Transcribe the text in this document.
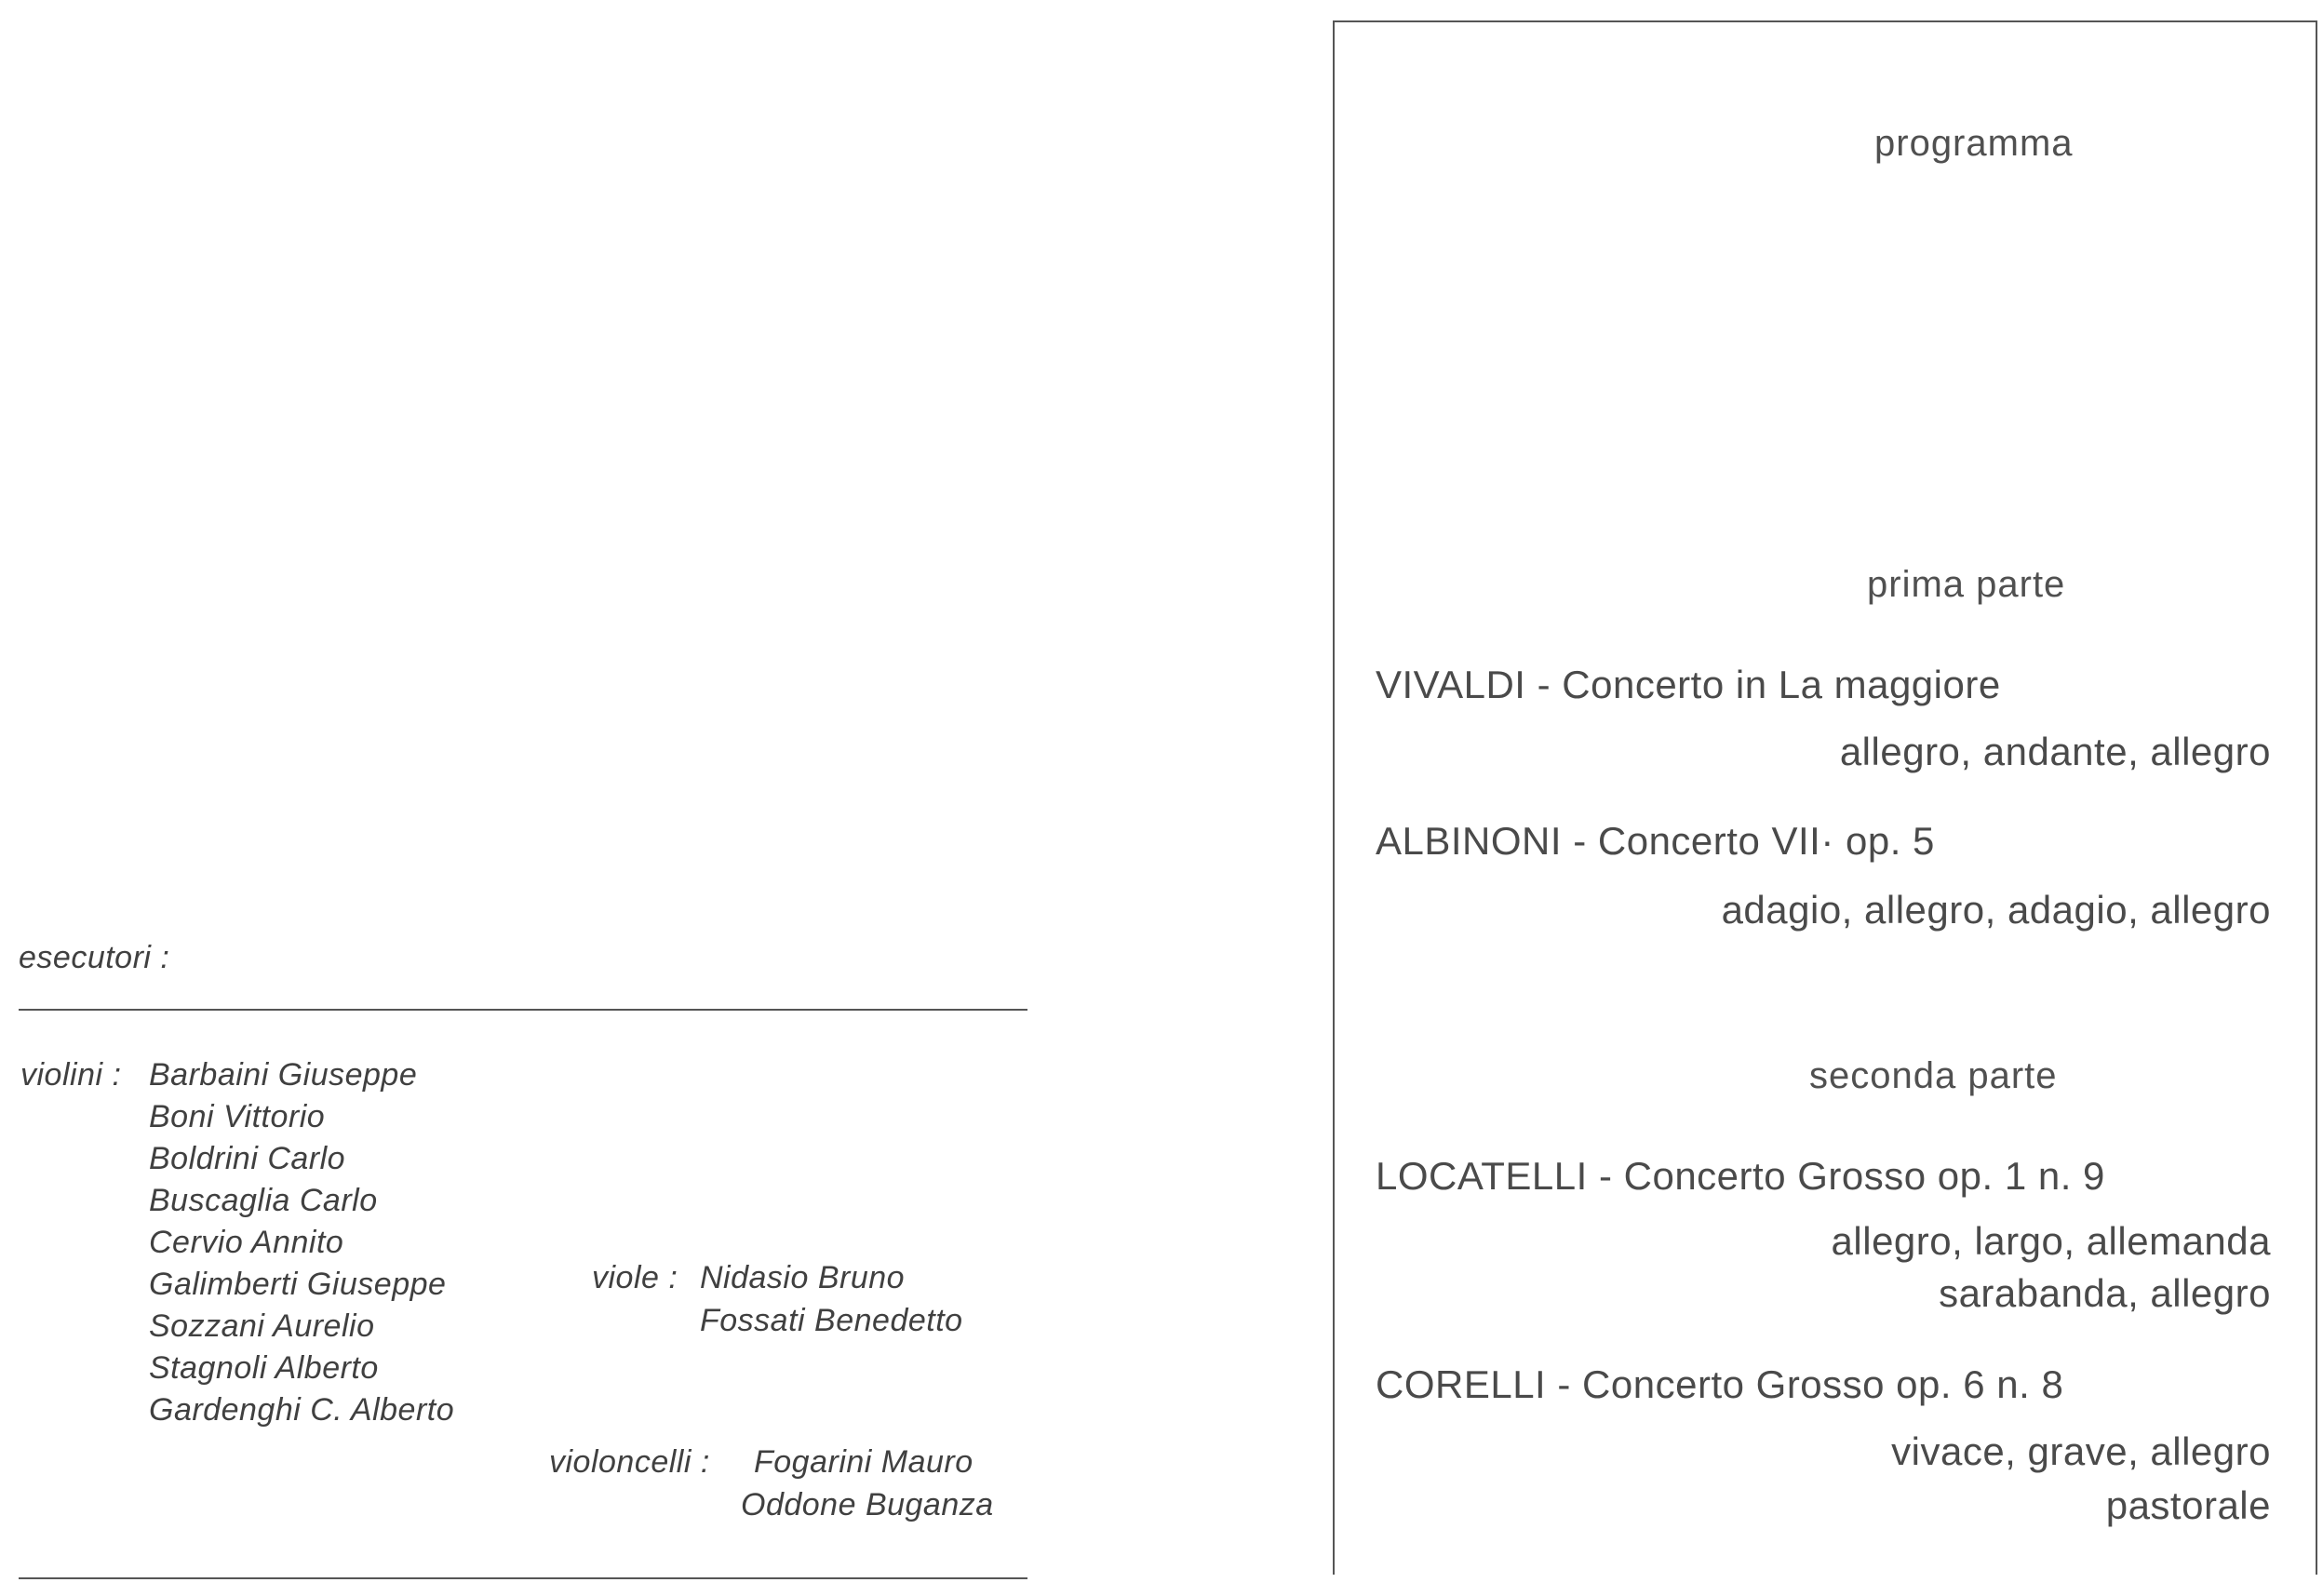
esecutori :
violini : Barbaini Giuseppe
Boni Vittorio
Boldrini Carlo
Buscaglia Carlo
Cervio Annito
Galimberti Giuseppe
Sozzani Aurelio
Stagnoli Alberto
Gardenghi C. Alberto
viole : Nidasio Bruno
Fossati Benedetto
violoncelli : Fogarini Mauro
Oddone Buganza
programma
prima parte
VIVALDI - Concerto in La maggiore
allegro, andante, allegro
ALBINONI - Concerto VII· op. 5
adagio, allegro, adagio, allegro
seconda parte
LOCATELLI - Concerto Grosso op. 1 n. 9
allegro, largo, allemanda
sarabanda, allegro
CORELLI - Concerto Grosso op. 6 n. 8
vivace, grave, allegro
pastorale
